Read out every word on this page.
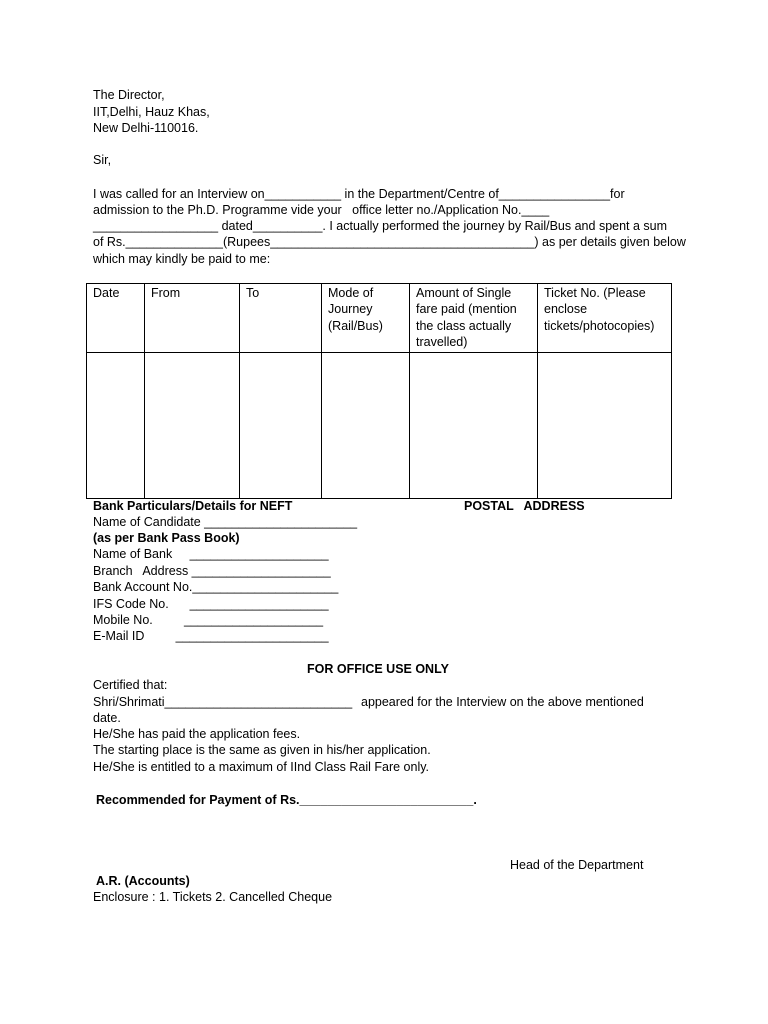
The Director,
IIT,Delhi, Hauz Khas,
New Delhi-110016.
Sir,
I was called for an Interview on___________ in the Department/Centre of________________for
admission to the Ph.D. Programme vide your   office letter no./Application No.____
__________________ dated__________. I actually performed the journey by Rail/Bus and spent a sum
of Rs.______________(Rupees______________________________________) as per details given below
which may kindly be paid to me:
Date	From	To	Mode of Journey (Rail/Bus)	Amount of Single fare paid (mention the class actually travelled)	Ticket No. (Please enclose tickets/photocopies)

Bank Particulars/Details for NEFT	POSTAL   ADDRESS
Name of Candidate ______________________
(as per Bank Pass Book)
Name of Bank     ____________________
Branch   Address ____________________
Bank Account No._____________________
IFS Code No.      ____________________
Mobile No.         ____________________
E-Mail ID         ______________________
FOR OFFICE USE ONLY
Certified that:
Shri/Shrimati___________________________ appeared for the Interview on the above mentioned
date.
He/She has paid the application fees.
The starting place is the same as given in his/her application.
He/She is entitled to a maximum of IInd Class Rail Fare only.
Recommended for Payment of Rs._________________________.
Head of the Department
A.R. (Accounts)
Enclosure : 1. Tickets 2. Cancelled Cheque
